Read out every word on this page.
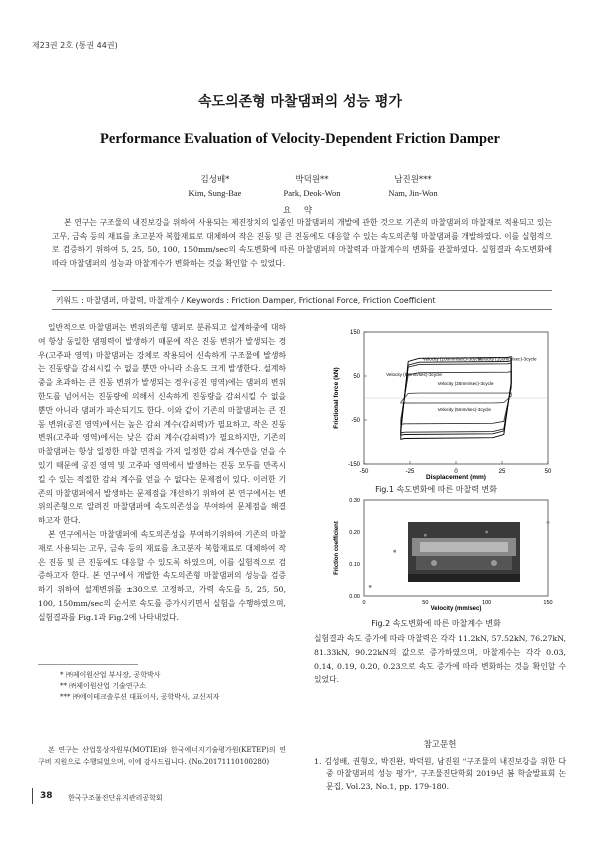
제23권 2호 (통권 44권)
속도의존형 마찰댐퍼의 성능 평가
Performance Evaluation of Velocity-Dependent Friction Damper
김성배*
Kim, Sung-Bae
박덕원**
Park, Deok-Won
남진원***
Nam, Jin-Won
요 약
본 연구는 구조물의 내진보강을 위하여 사용되는 제진장치의 일종인 마찰댐퍼의 개발에 관한 것으로 기존의 마찰댐퍼의 마찰재로 적용되고 있는 고무, 금속 등의 재료를 초고분자 복합재료로 대체하여 작은 진동 및 큰 진동에도 대응할 수 있는 속도의존형 마찰댐퍼를 개발하였다. 이를 실험적으로 검증하기 위하여 5, 25, 50, 100, 150mm/sec의 속도변화에 따른 마찰댐퍼의 마찰력과 마찰계수의 변화를 관찰하였다. 실험결과 속도변화에 따라 마찰댐퍼의 성능과 마찰계수가 변화하는 것을 확인할 수 있었다.
키워드 : 마찰댐퍼, 마찰력, 마찰계수 / Keywords : Friction Damper, Frictional Force, Friction Coefficient

일반적으로 마찰댐퍼는 변위의존형 댐퍼로 분류되고 설계하중에 대하여 항상 동일한 댐핑력이 발생하기 때문에 작은 진동 변위가 발생되는 경우(고주파 영역) 마찰댐퍼는 강체로 작용되어 신속하게 구조물에 발생하는 진동량을 감쇠시킬 수 없을 뿐만 아니라 소음도 크게 발생한다. 설계하중을 초과하는 큰 진동 변위가 발생되는 경우(공진 영역)에는 댐퍼의 변위한도를 넘어서는 진동량에 의해서 신속하게 진동량을 감쇠시킬 수 없을 뿐만 아니라 댐퍼가 파손되기도 한다. 이와 같이 기존의 마찰댐퍼는 큰 진동 변위(공진 영역)에서는 높은 감쇠 계수(감쇠력)가 필요하고, 작은 진동 변위(고주파 영역)에서는 낮은 감쇠 계수(감쇠력)가 필요하지만, 기존의 마찰댐퍼는 항상 일정한 마찰 면적을 가져 일정한 감쇠 계수만을 얻을 수 있기 때문에 공진 영역 및 고주파 영역에서 발생하는 진동 모두를 만족시킬 수 있는 적절한 감쇠 계수를 얻을 수 없다는 문제점이 있다. 이러한 기존의 마찰댐퍼에서 발생하는 문제점을 개선하기 위하여 본 연구에서는 변위의존형으로 알려진 마찰댐퍼에 속도의존성을 부여하여 문제점을 해결하고자 한다.

본 연구에서는 마찰댐퍼에 속도의존성을 부여하기위하여 기존의 마찰재로 사용되는 고무, 금속 등의 재료를 초고분자 복합재료로 대체하여 작은 진동 및 큰 진동에도 대응할 수 있도록 하였으며, 이를 실험적으로 검증하고자 한다. 본 연구에서 개발한 속도의존형 마찰댐퍼의 성능을 검증하기 위하여 설계변위를 ±30으로 고정하고, 가력 속도를 5, 25, 50, 100, 150mm/sec의 순서로 속도를 증가시키면서 실험을 수행하였으며, 실험결과를 Fig.1과 Fig.2에 나타내었다.

* ㈜제이원산업 부사장, 공학박사
** ㈜제이원산업 기술연구소
*** ㈜에이테크솔루션 대표이사, 공학박사, 교신저자
본 연구는 산업통상자원부(MOTIE)와 한국에너지기술평가원(KETEP)의 연구비 지원으로 수행되었으며, 이에 감사드립니다. (No.20171110100280)
38 한국구조물진단유지관리공학회
150
50
-50
-150
-50	-25	0	25	50
Velocity (5mm/sec)-3cycle
Velocity (25mm/sec)-3cycle
Velocity (50mm/sec)-3cycle
Velocity (100mm/sec)-3cycle
Velocity (150mm/sec)-3cycle
Displacement (mm)
Frictional force (kN)
Fig.1 속도변화에 따른 마찰력 변화
0.30
0.20
0.10
0.00
0	50	100	150
Velocity (mm/sec)
Friction coefficient
Fig.2 속도변화에 따른 마찰계수 변화
실험결과 속도 증가에 따라 마찰력은 각각 11.2kN, 57.52kN, 76.27kN, 81.33kN, 90.22kN의 값으로 증가하였으며, 마찰계수는 각각 0.03, 0.14, 0.19, 0.20, 0.23으로 속도 증가에 따라 변화하는 것을 확인할 수 있었다.
참고문헌
1. 김성배, 권형오, 박진완, 박덕원, 남진원 "구조물의 내진보강을 위한 다중 마찰댐퍼의 성능 평가", 구조물진단학회 2019년 봄 학술발표회 논문집, Vol.23, No.1, pp. 179-180.
